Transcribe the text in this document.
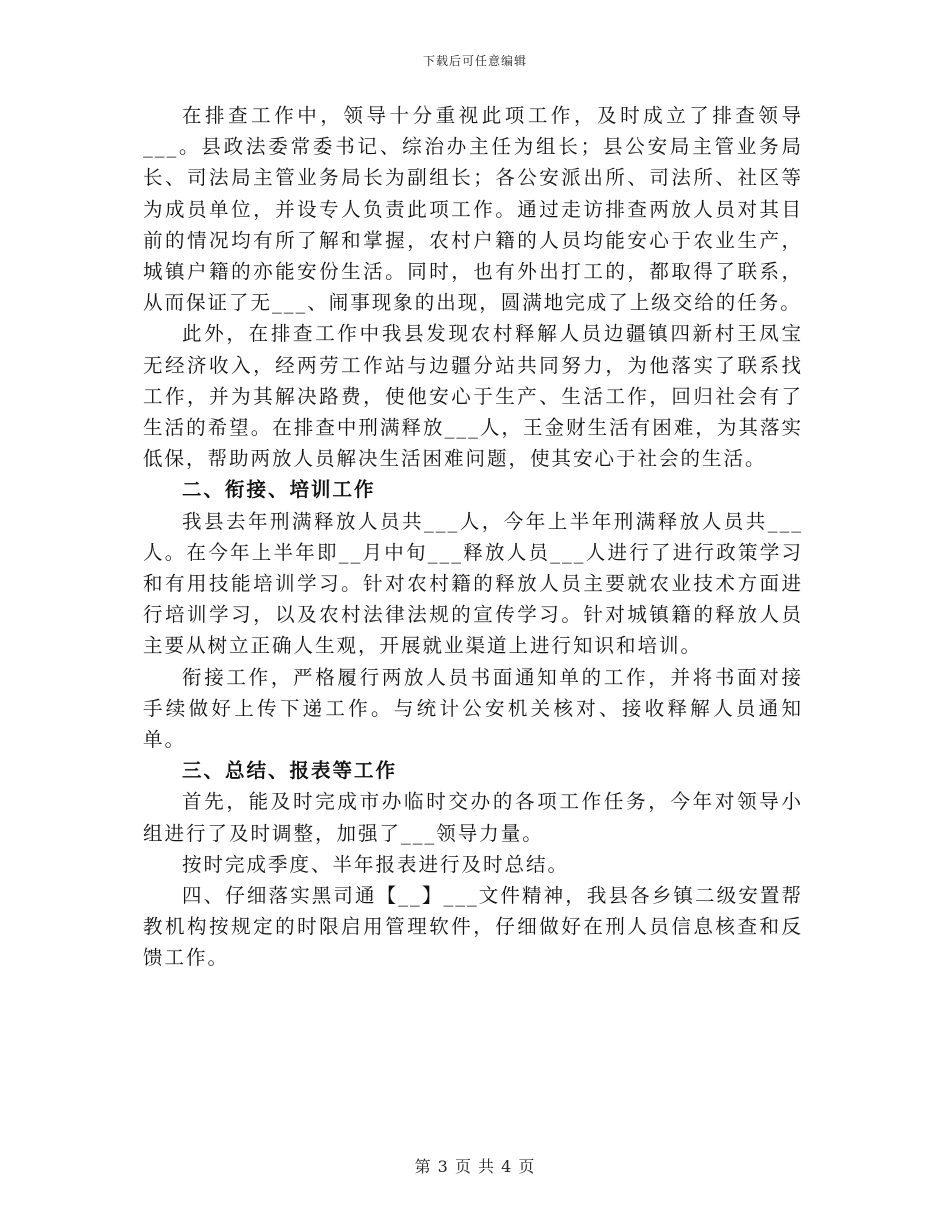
下载后可任意编辑

在排查工作中，领导十分重视此项工作，及时成立了排查领导___。县政法委常委书记、综治办主任为组长；县公安局主管业务局长、司法局主管业务局长为副组长；各公安派出所、司法所、社区等为成员单位，并设专人负责此项工作。通过走访排查两放人员对其目前的情况均有所了解和掌握，农村户籍的人员均能安心于农业生产，城镇户籍的亦能安份生活。同时，也有外出打工的，都取得了联系，从而保证了无___、闹事现象的出现，圆满地完成了上级交给的任务。

此外，在排查工作中我县发现农村释解人员边疆镇四新村王凤宝无经济收入，经两劳工作站与边疆分站共同努力，为他落实了联系找工作，并为其解决路费，使他安心于生产、生活工作，回归社会有了生活的希望。在排查中刑满释放___人，王金财生活有困难，为其落实低保，帮助两放人员解决生活困难问题，使其安心于社会的生活。

二、衔接、培训工作

我县去年刑满释放人员共___人，今年上半年刑满释放人员共___人。在今年上半年即__月中旬___释放人员___人进行了进行政策学习和有用技能培训学习。针对农村籍的释放人员主要就农业技术方面进行培训学习，以及农村法律法规的宣传学习。针对城镇籍的释放人员主要从树立正确人生观，开展就业渠道上进行知识和培训。

衔接工作，严格履行两放人员书面通知单的工作，并将书面对接手续做好上传下递工作。与统计公安机关核对、接收释解人员通知单。

三、总结、报表等工作

首先，能及时完成市办临时交办的各项工作任务，今年对领导小组进行了及时调整，加强了___领导力量。

按时完成季度、半年报表进行及时总结。

四、仔细落实黑司通【__】___文件精神，我县各乡镇二级安置帮教机构按规定的时限启用管理软件，仔细做好在刑人员信息核查和反馈工作。

第 3 页 共 4 页
